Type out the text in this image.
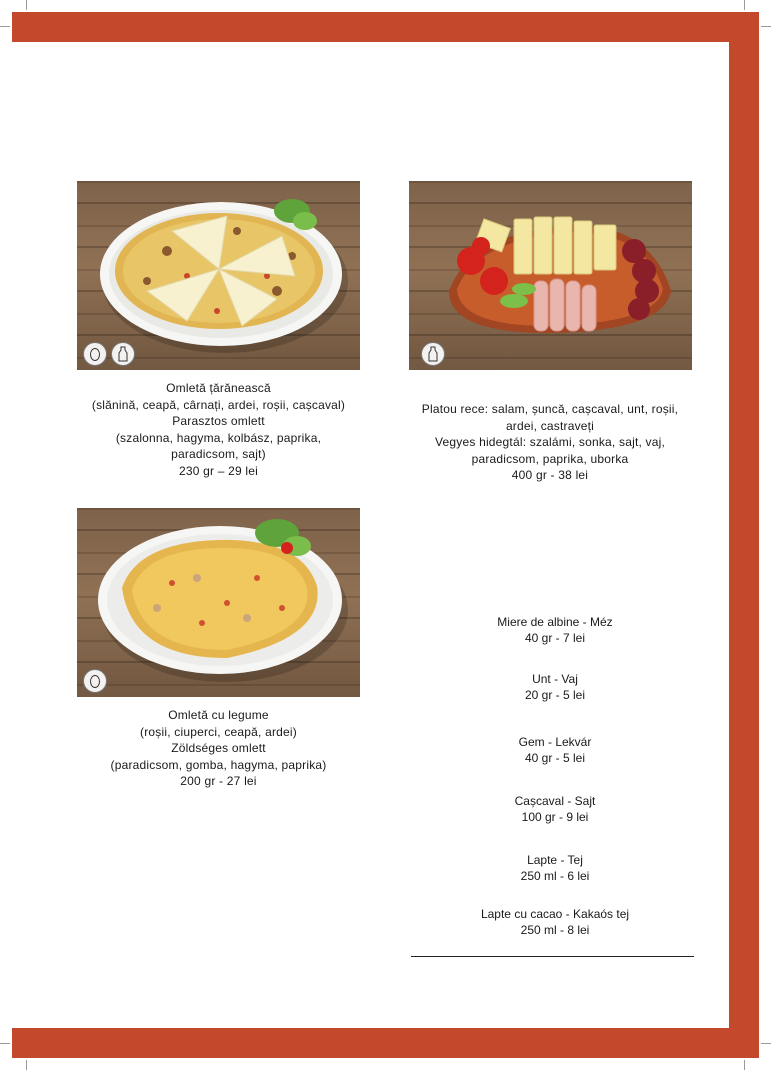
Omletă țărănească
(slănină, ceapă, cârnați, ardei, roșii, cașcaval)
Parasztos omlett
(szalonna, hagyma, kolbász, paprika,
paradicsom, sajt)
230 gr – 29 lei
Platou rece: salam, șuncă, cașcaval, unt, roșii,
ardei, castraveți
Vegyes hidegtál: szalámi, sonka, sajt, vaj,
paradicsom, paprika, uborka
400 gr - 38 lei
Omletă cu legume
(roșii, ciuperci, ceapă, ardei)
Zöldséges omlett
(paradicsom, gomba, hagyma, paprika)
200 gr - 27 lei
Miere de albine - Méz
40 gr - 7 lei
Unt - Vaj
20 gr - 5 lei
Gem - Lekvár
40 gr - 5 lei
Cașcaval - Sajt
100 gr - 9 lei
Lapte - Tej
250 ml - 6 lei
Lapte cu cacao - Kakaós tej
250 ml - 8 lei
